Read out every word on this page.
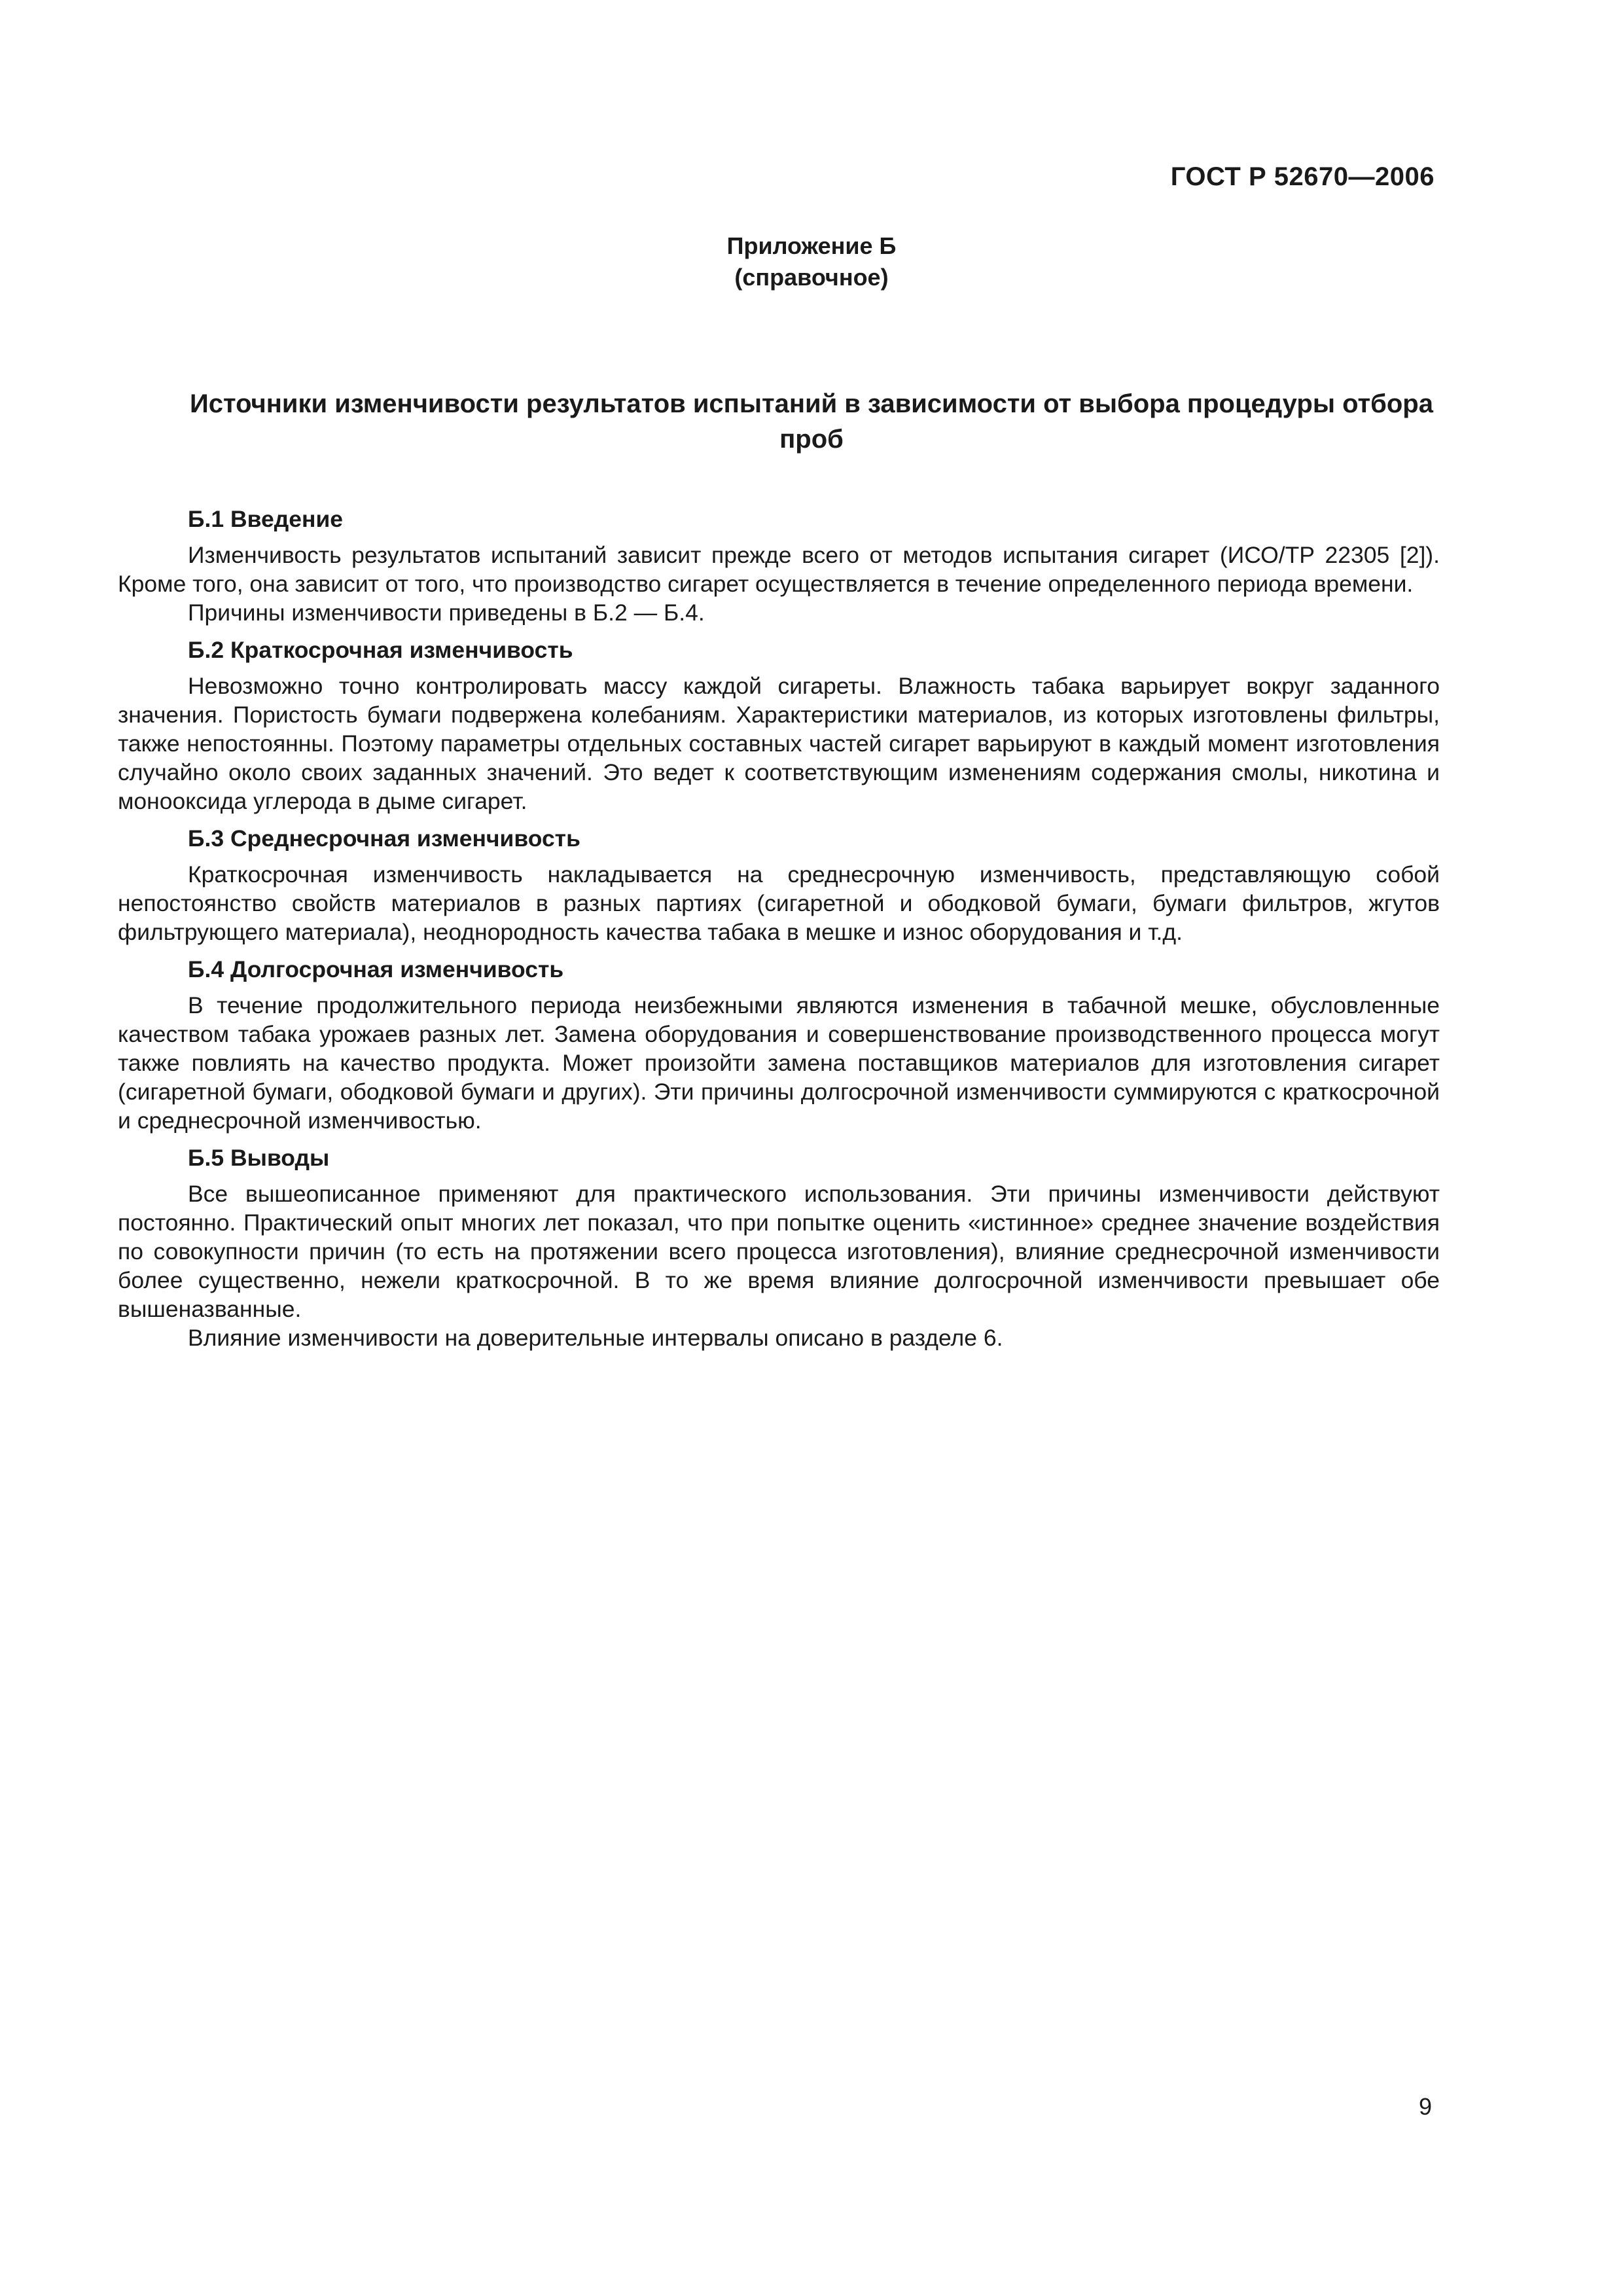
ГОСТ Р 52670—2006
Приложение Б
(справочное)
Источники изменчивости результатов испытаний в зависимости от выбора процедуры отбора проб
Б.1 Введение

Изменчивость результатов испытаний зависит прежде всего от методов испытания сигарет (ИСО/ТР 22305 [2]). Кроме того, она зависит от того, что производство сигарет осуществляется в течение определенного периода времени.

Причины изменчивости приведены в Б.2 — Б.4.

Б.2 Краткосрочная изменчивость

Невозможно точно контролировать массу каждой сигареты. Влажность табака варьирует вокруг заданного значения. Пористость бумаги подвержена колебаниям. Характеристики материалов, из которых изготовлены фильтры, также непостоянны. Поэтому параметры отдельных составных частей сигарет варьируют в каждый момент изготовления случайно около своих заданных значений. Это ведет к соответствующим изменениям содержания смолы, никотина и монооксида углерода в дыме сигарет.

Б.3 Среднесрочная изменчивость

Краткосрочная изменчивость накладывается на среднесрочную изменчивость, представляющую собой непостоянство свойств материалов в разных партиях (сигаретной и ободковой бумаги, бумаги фильтров, жгутов фильтрующего материала), неоднородность качества табака в мешке и износ оборудования и т.д.

Б.4 Долгосрочная изменчивость

В течение продолжительного периода неизбежными являются изменения в табачной мешке, обусловленные качеством табака урожаев разных лет. Замена оборудования и совершенствование производственного процесса могут также повлиять на качество продукта. Может произойти замена поставщиков материалов для изготовления сигарет (сигаретной бумаги, ободковой бумаги и других). Эти причины долгосрочной изменчивости суммируются с краткосрочной и среднесрочной изменчивостью.

Б.5 Выводы

Все вышеописанное применяют для практического использования. Эти причины изменчивости действуют постоянно. Практический опыт многих лет показал, что при попытке оценить «истинное» среднее значение воздействия по совокупности причин (то есть на протяжении всего процесса изготовления), влияние среднесрочной изменчивости более существенно, нежели краткосрочной. В то же время влияние долгосрочной изменчивости превышает обе вышеназванные.

Влияние изменчивости на доверительные интервалы описано в разделе 6.

9
